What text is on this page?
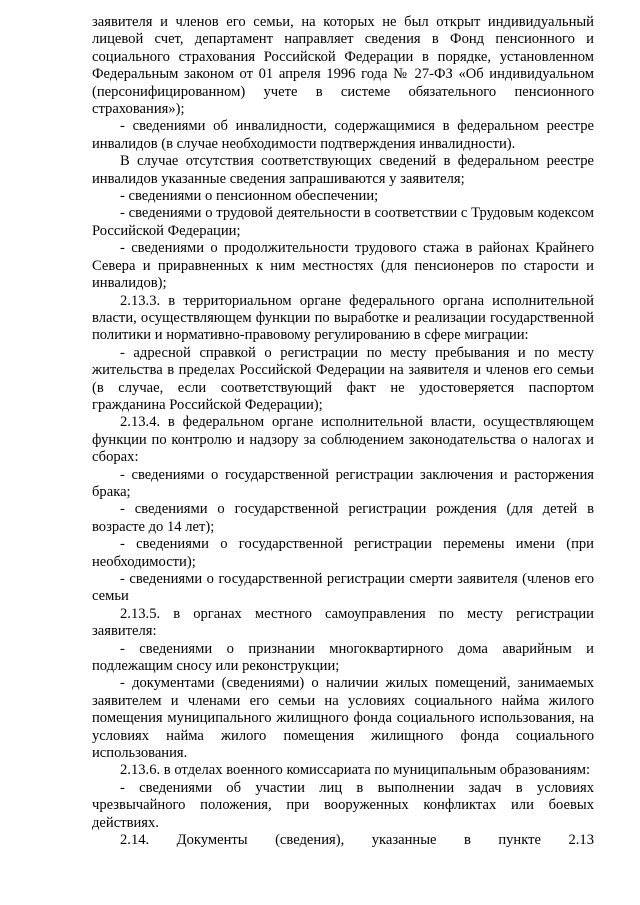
заявителя и членов его семьи, на которых не был открыт индивидуальный лицевой счет, департамент направляет сведения в Фонд пенсионного и социального страхования Российской Федерации в порядке, установленном Федеральным законом от 01 апреля 1996 года № 27-ФЗ «Об индивидуальном (персонифицированном) учете в системе обязательного пенсионного страхования»);

- сведениями об инвалидности, содержащимися в федеральном реестре инвалидов (в случае необходимости подтверждения инвалидности).

В случае отсутствия соответствующих сведений в федеральном реестре инвалидов указанные сведения запрашиваются у заявителя;

- сведениями о пенсионном обеспечении;

- сведениями о трудовой деятельности в соответствии с Трудовым кодексом Российской Федерации;

- сведениями о продолжительности трудового стажа в районах Крайнего Севера и приравненных к ним местностях (для пенсионеров по старости и инвалидов);

2.13.3. в территориальном органе федерального органа исполнительной власти, осуществляющем функции по выработке и реализации государственной политики и нормативно-правовому регулированию в сфере миграции:

- адресной справкой о регистрации по месту пребывания и по месту жительства в пределах Российской Федерации на заявителя и членов его семьи (в случае, если соответствующий факт не удостоверяется паспортом гражданина Российской Федерации);

2.13.4. в федеральном органе исполнительной власти, осуществляющем функции по контролю и надзору за соблюдением законодательства о налогах и сборах:

- сведениями о государственной регистрации заключения и расторжения брака;

- сведениями о государственной регистрации рождения (для детей в возрасте до 14 лет);

- сведениями о государственной регистрации перемены имени (при необходимости);

- сведениями о государственной регистрации смерти заявителя (членов его семьи

2.13.5. в органах местного самоуправления по месту регистрации заявителя:

- сведениями о признании многоквартирного дома аварийным и подлежащим сносу или реконструкции;

- документами (сведениями) о наличии жилых помещений, занимаемых заявителем и членами его семьи на условиях социального найма жилого помещения муниципального жилищного фонда социального использования, на условиях найма жилого помещения жилищного фонда социального использования.

2.13.6. в отделах военного комиссариата по муниципальным образованиям:

- сведениями об участии лиц в выполнении задач в условиях чрезвычайного положения, при вооруженных конфликтах или боевых действиях.

2.14. Документы (сведения), указанные в пункте 2.13
